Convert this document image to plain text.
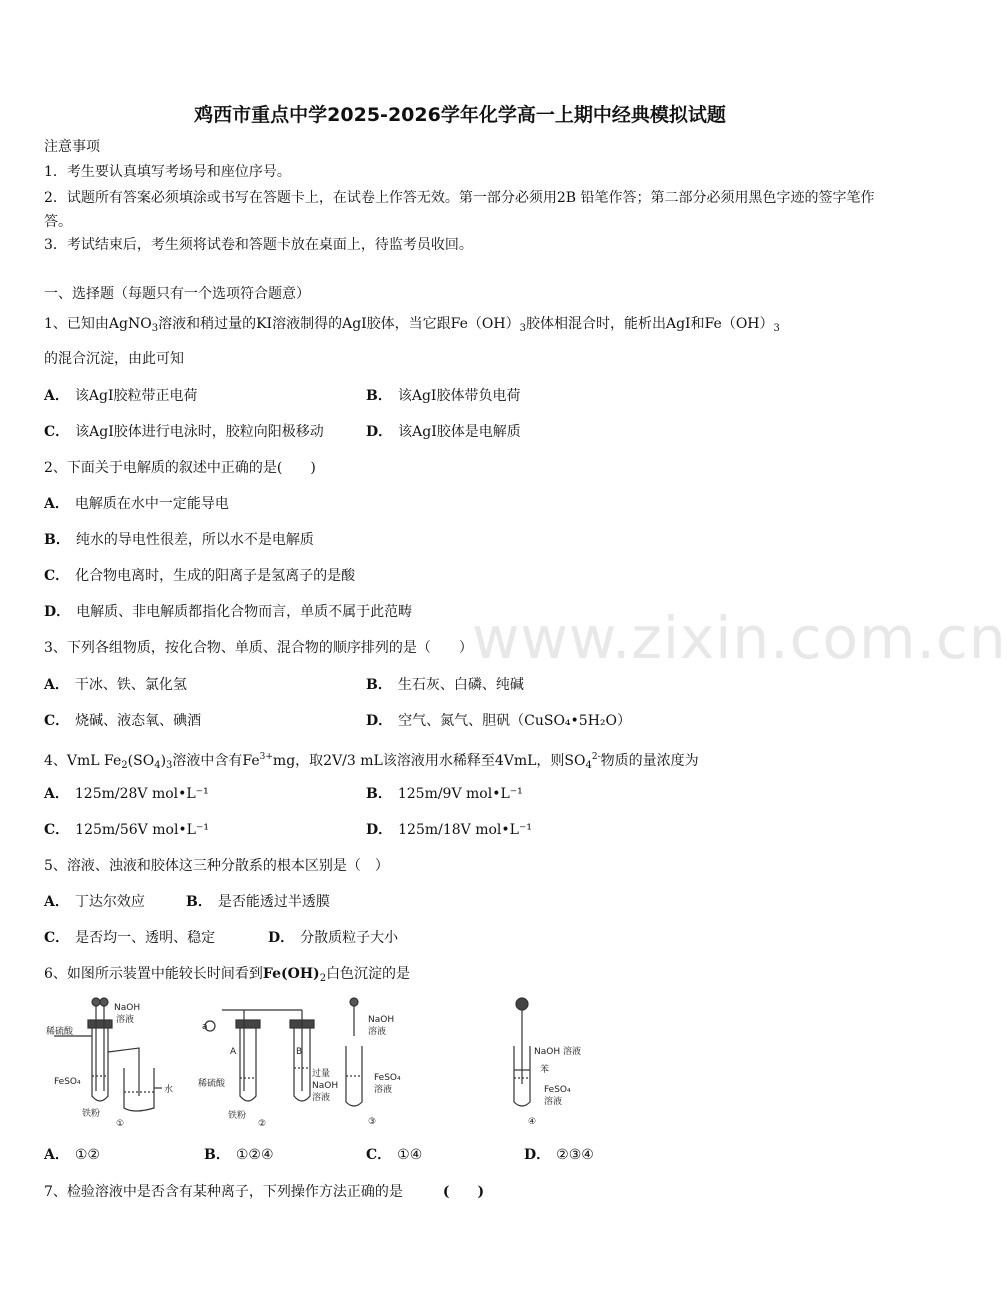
www.zixin.com.cn
鸡西市重点中学2025-2026学年化学高一上期中经典模拟试题
注意事项
1．考生要认真填写考场号和座位序号。
2．试题所有答案必须填涂或书写在答题卡上，在试卷上作答无效。第一部分必须用2B 铅笔作答；第二部分必须用黑色字迹的签字笔作答。
3．考试结束后，考生须将试卷和答题卡放在桌面上，待监考员收回。
一、选择题（每题只有一个选项符合题意）
1、已知由AgNO$_3$溶液和稍过量的KI溶液制得的AgI胶体，当它跟$Fe(OH)_3$胶体相混合时，能析出AgI和$Fe(OH)_3$
的混合沉淀，由此可知
A． 该AgI胶粒带正电荷	B． 该AgI胶体带负电荷
C． 该AgI胶体进行电泳时，胶粒向阳极移动	D． 该AgI胶体是电解质
2、下面关于电解质的叙述中正确的是(　　)
A． 电解质在水中一定能导电
B． 纯水的导电性很差，所以水不是电解质
C． 化合物电离时，生成的阳离子是氢离子的是酸
D． 电解质、非电解质都指化合物而言，单质不属于此范畴
3、下列各组物质，按化合物、单质、混合物的顺序排列的是（　　）
A． 干冰、铁、氯化氢	B． 生石灰、白磷、纯碱
C． 烧碱、液态氧、碘酒	D． 空气、氮气、胆矾（CuSO₄•5H₂O）
4、VmL $Fe_2(SO_4)_3$溶液中含有$Fe^{3+}mg$，取2V/3 mL该溶液用水稀释至4VmL，则$SO_4^{2-}$物质的量浓度为
A． 125m/28V mol•L⁻¹	B． 125m/9V mol•L⁻¹
C． 125m/56V mol•L⁻¹	D． 125m/18V mol•L⁻¹
5、溶液、浊液和胶体这三种分散系的根本区别是（　）
A． 丁达尔效应	B． 是否能透过半透膜
C． 是否均一、透明、稳定	D． 分散质粒子大小
6、如图所示装置中能较长时间看到$Fe(OH)_2$白色沉淀的是
稀硫酸
NaOH
溶液
FeSO₄
水
铁粉
①
a
A	B
稀硫酸
铁粉
过量
NaOH
溶液
②
NaOH
溶液
FeSO₄
溶液
③
NaOH 溶液
苯
FeSO₄
溶液
④
A． ①②	B． ①②④	C． ①④	D． ②③④
7、检验溶液中是否含有某种离子，下列操作方法正确的是	(　　)
